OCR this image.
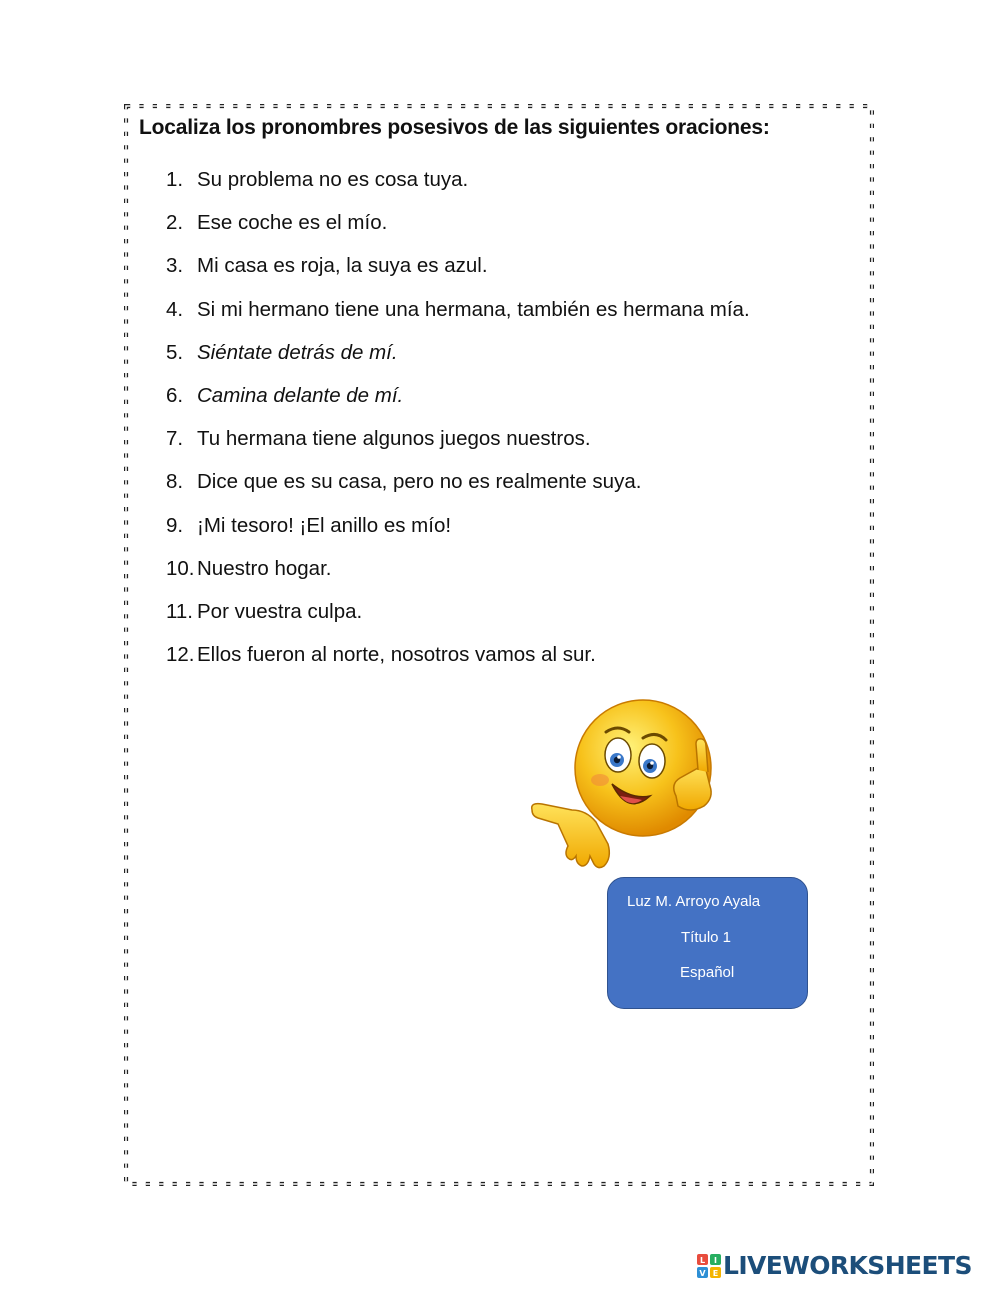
Localiza los pronombres posesivos de las siguientes oraciones:
1. Su problema no es cosa tuya.
2. Ese coche es el mío.
3. Mi casa es roja, la suya es azul.
4. Si mi hermano tiene una hermana, también es hermana mía.
5. Siéntate detrás de mí.
6. Camina delante de mí.
7. Tu hermana tiene algunos juegos nuestros.
8. Dice que es su casa, pero no es realmente suya.
9. ¡Mi tesoro! ¡El anillo es mío!
10. Nuestro hogar.
11. Por vuestra culpa.
12. Ellos fueron al norte, nosotros vamos al sur.
Luz M. Arroyo Ayala
Título 1
Español
L I
V E LIVEWORKSHEETS
